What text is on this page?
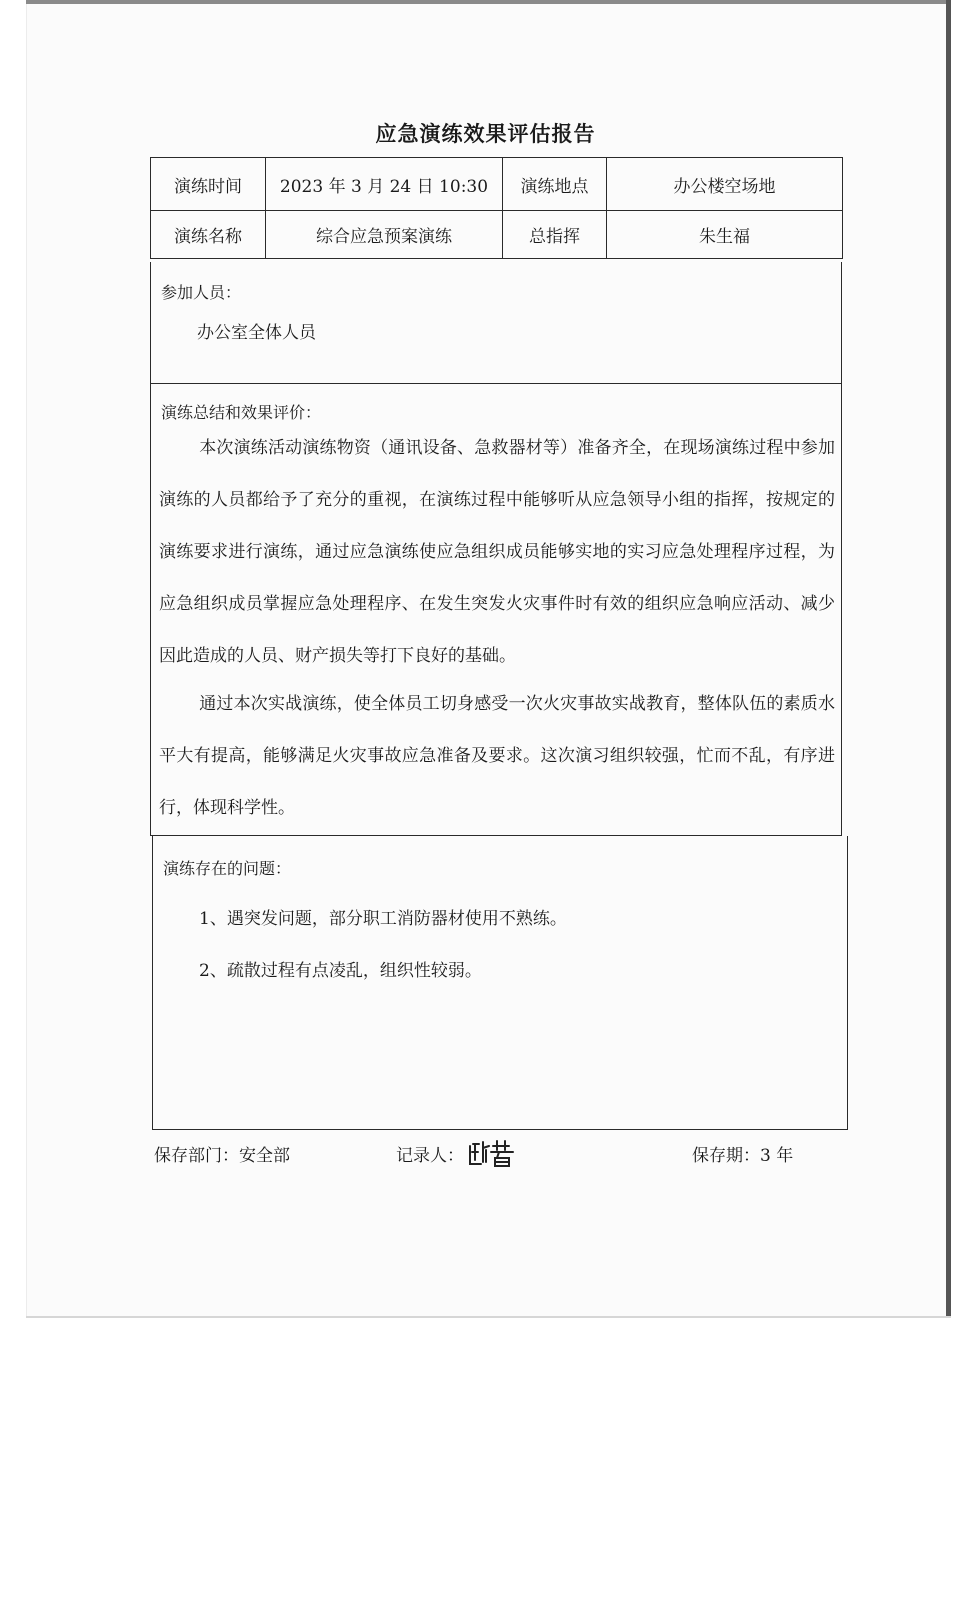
应急演练效果评估报告
演练时间	2023 年 3 月 24 日 10:30	演练地点	办公楼空场地
演练名称	综合应急预案演练	总指挥	朱生福
参加人员：
办公室全体人员
演练总结和效果评价：
本次演练活动演练物资（通讯设备、急救器材等）准备齐全，在现场演练过程中参加演练的人员都给予了充分的重视，在演练过程中能够听从应急领导小组的指挥，按规定的演练要求进行演练，通过应急演练使应急组织成员能够实地的实习应急处理程序过程，为应急组织成员掌握应急处理程序、在发生突发火灾事件时有效的组织应急响应活动、减少因此造成的人员、财产损失等打下良好的基础。
通过本次实战演练，使全体员工切身感受一次火灾事故实战教育，整体队伍的素质水平大有提高，能够满足火灾事故应急准备及要求。这次演习组织较强，忙而不乱，有序进行，体现科学性。
演练存在的问题：
1、遇突发问题，部分职工消防器材使用不熟练。
2、疏散过程有点凌乱，组织性较弱。
保存部门：安全部	记录人：	保存期：3 年
